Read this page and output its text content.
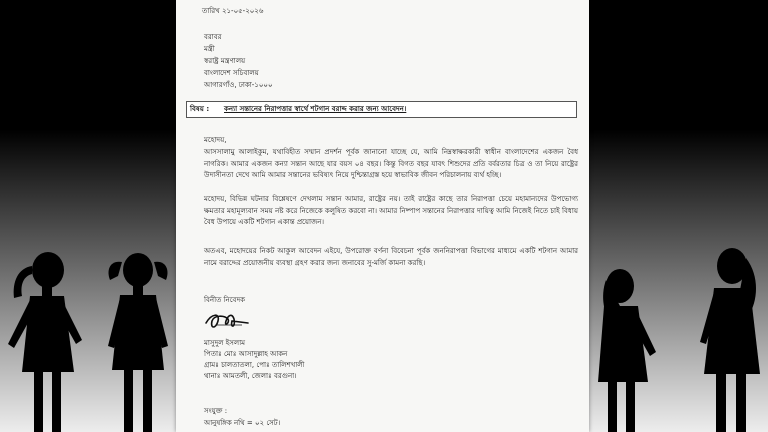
তারিখ ২১-০৫-২০২৬
বরাবর
মন্ত্রী
স্বরাষ্ট্র মন্ত্রণালয়
বাংলাদেশ সচিবালয়
আগারগাঁও, ঢাকা-১০০০
বিষয় : কন্যা সন্তানের নিরাপত্তার স্বার্থে শটগান বরাদ্দ করার জন্য আবেদন।
মহোদয়,
আসসালামু আলাইকুম, যথাবিহীত সম্মান প্রদর্শন পূর্বক জানানো যাচ্ছে যে, আমি নিম্নস্বাক্ষরকারী স্বাধীন বাংলাদেশের একজন বৈধ নাগরিক। আমার একজন কন্যা সন্তান আছে যার বয়স ০৪ বছর। কিন্তু বিগত বছর যাবৎ শিশুদের প্রতি বর্বরতার চিত্র ও তা নিয়ে রাষ্ট্রের উদাসীনতা দেখে আমি আমার সন্তানের ভবিষ্যৎ নিয়ে দুশ্চিন্তাগ্রস্ত হয়ে স্বাভাবিক জীবন পরিচালনায় ব্যর্থ হচ্ছি।
মহোদয়, বিভিন্ন ঘটনার বিশ্লেষণে দেখলাম সন্তান আমার, রাষ্ট্রের নয়। তাই রাষ্ট্রের কাছে তার নিরাপত্তা চেয়ে মহামান্যদের উপভোগ্য ক্ষমতার মহামূল্যবান সময় নষ্ট করে নিজেকে কলুষিত করবো না। আমার নিষ্পাপ সন্তানের নিরাপত্তার দায়িত্ব আমি নিজেই নিতে চাই বিধায় বৈধ উপায়ে একটি শটগান একান্ত প্রয়োজন।
অতএব, মহোদয়ের নিকট আকুল আবেদন এইযে, উপরোক্ত বর্ণনা বিবেচনা পূর্বক জননিরাপত্তা বিভাগের মাধ্যমে একটি শটগান আমার নামে বরাদ্দের প্রয়োজনীয় ব্যবস্থা গ্রহণ করার জন্য জনাবের সু-মর্জি কামনা করছি।
বিনীত নিবেদক
মাসুদুল ইসলাম
পিতাঃ মোঃ আসাদুল্লাহ আকন
গ্রামঃ চালতাতলা, পোঃ তালিশখালী
থানাঃ আমতলী, জেলাঃ বরগুনা।
সংযুক্ত :
আনুষঙ্গিক নথি = ০২ সেট।
